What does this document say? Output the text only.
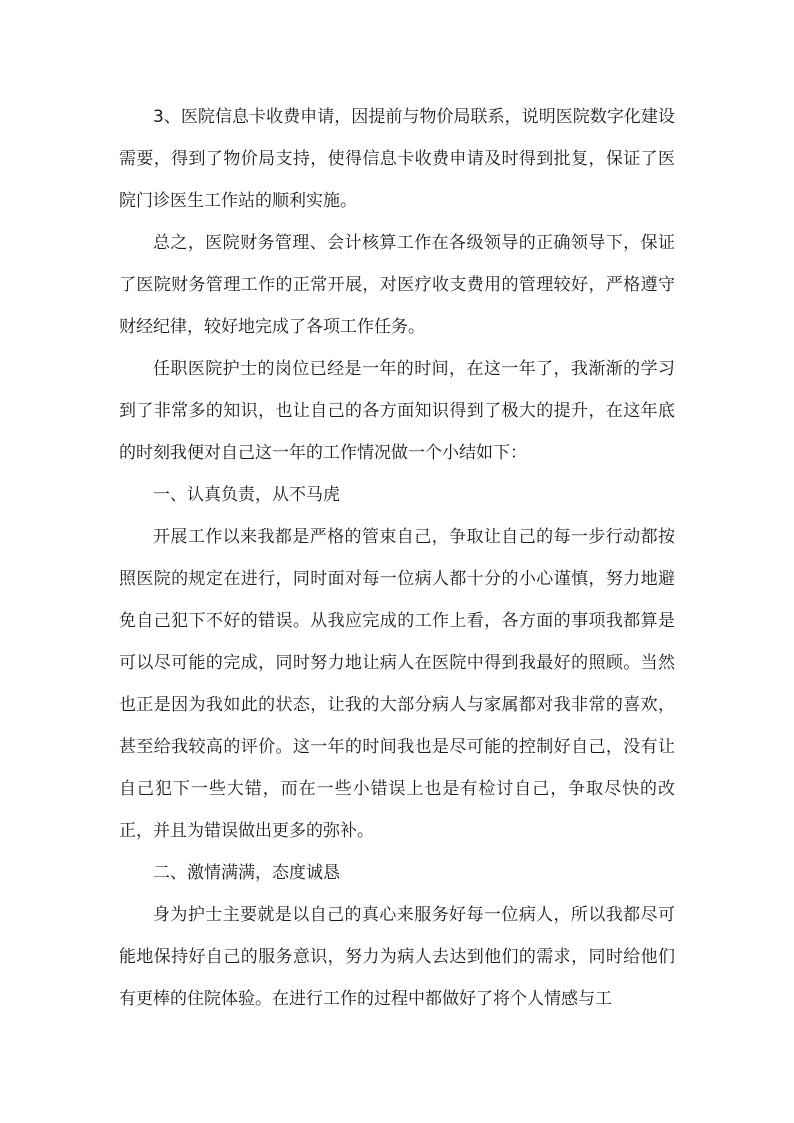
3、医院信息卡收费申请，因提前与物价局联系，说明医院数字化建设需要，得到了物价局支持，使得信息卡收费申请及时得到批复，保证了医院门诊医生工作站的顺利实施。

总之，医院财务管理、会计核算工作在各级领导的正确领导下，保证了医院财务管理工作的正常开展，对医疗收支费用的管理较好，严格遵守财经纪律，较好地完成了各项工作任务。

任职医院护士的岗位已经是一年的时间，在这一年了，我渐渐的学习到了非常多的知识，也让自己的各方面知识得到了极大的提升，在这年底的时刻我便对自己这一年的工作情况做一个小结如下：

一、认真负责，从不马虎

开展工作以来我都是严格的管束自己，争取让自己的每一步行动都按照医院的规定在进行，同时面对每一位病人都十分的小心谨慎，努力地避免自己犯下不好的错误。从我应完成的工作上看，各方面的事项我都算是可以尽可能的完成，同时努力地让病人在医院中得到我最好的照顾。当然也正是因为我如此的状态，让我的大部分病人与家属都对我非常的喜欢，甚至给我较高的评价。这一年的时间我也是尽可能的控制好自己，没有让自己犯下一些大错，而在一些小错误上也是有检讨自己，争取尽快的改正，并且为错误做出更多的弥补。

二、激情满满，态度诚恳

身为护士主要就是以自己的真心来服务好每一位病人，所以我都尽可能地保持好自己的服务意识，努力为病人去达到他们的需求，同时给他们有更棒的住院体验。在进行工作的过程中都做好了将个人情感与工
